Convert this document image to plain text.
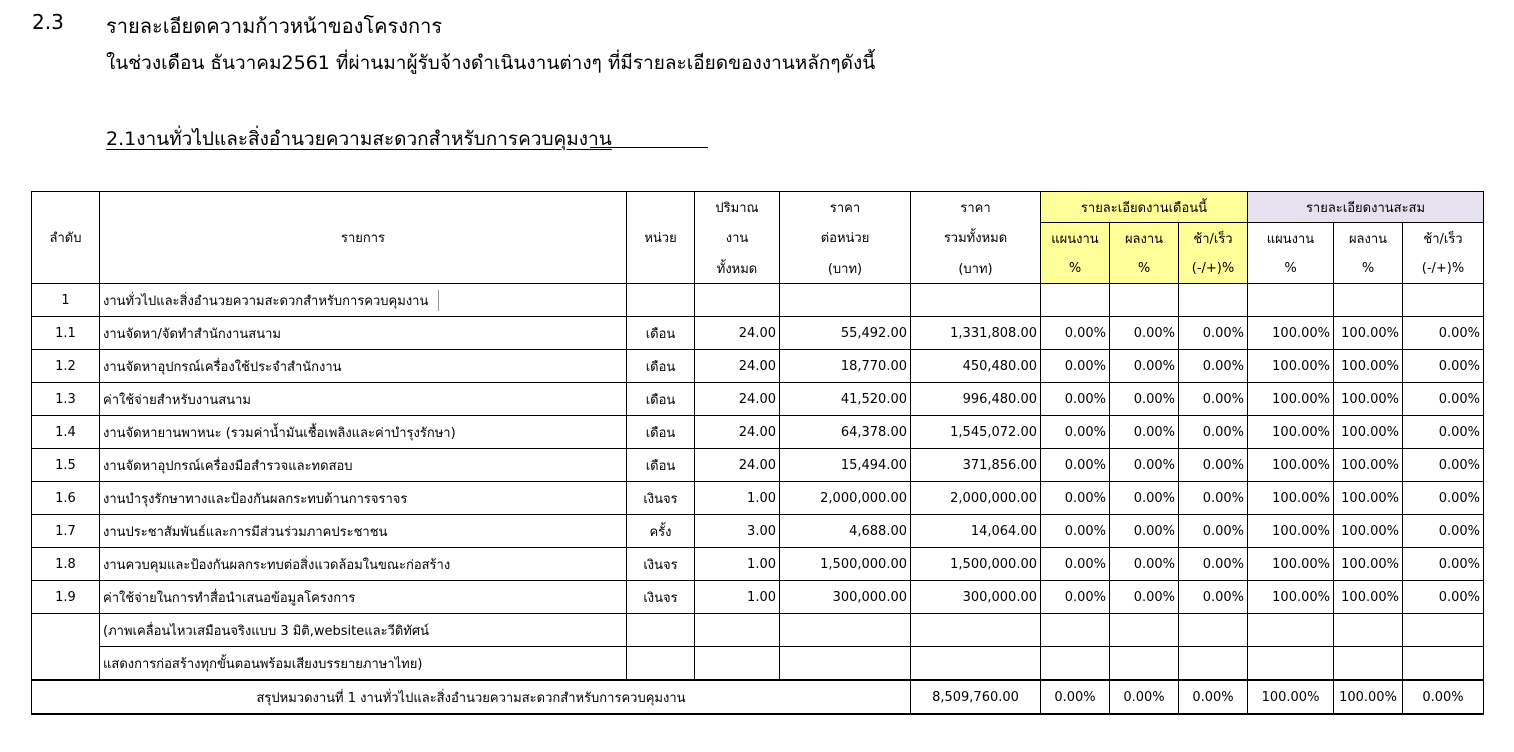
2.3 รายละเอียดความก้าวหน้าของโครงการ
ในช่วงเดือน ธันวาคม2561 ที่ผ่านมาผู้รับจ้างดำเนินงานต่างๆ ที่มีรายละเอียดของงานหลักๆดังนี้
2.1งานทั่วไปและสิ่งอำนวยความสะดวกสำหรับการควบคุมงาน
			ปริมาณ	ราคา	ราคา	รายละเอียดงานเดือนนี้			รายละเอียดงานสะสม		
ลำดับ	รายการ	หน่วย	งาน	ต่อหน่วย	รวมทั้งหมด	แผนงาน	ผลงาน	ช้า/เร็ว	แผนงาน	ผลงาน	ช้า/เร็ว
			ทั้งหมด	(บาท)	(บาท)	%	%	(-/+)%	%	%	(-/+)%
1	งานทั่วไปและสิ่งอำนวยความสะดวกสำหรับการควบคุมงาน										
1.1	งานจัดหา/จัดทำสำนักงานสนาม	เดือน	24.00	55,492.00	1,331,808.00	0.00%	0.00%	0.00%	100.00%	100.00%	0.00%
1.2	งานจัดหาอุปกรณ์เครื่องใช้ประจำสำนักงาน	เดือน	24.00	18,770.00	450,480.00	0.00%	0.00%	0.00%	100.00%	100.00%	0.00%
1.3	ค่าใช้จ่ายสำหรับงานสนาม	เดือน	24.00	41,520.00	996,480.00	0.00%	0.00%	0.00%	100.00%	100.00%	0.00%
1.4	งานจัดหายานพาหนะ (รวมค่าน้ำมันเชื้อเพลิงและค่าบำรุงรักษา)	เดือน	24.00	64,378.00	1,545,072.00	0.00%	0.00%	0.00%	100.00%	100.00%	0.00%
1.5	งานจัดหาอุปกรณ์เครื่องมือสำรวจและทดสอบ	เดือน	24.00	15,494.00	371,856.00	0.00%	0.00%	0.00%	100.00%	100.00%	0.00%
1.6	งานบำรุงรักษาทางและป้องกันผลกระทบด้านการจราจร	เงินจร	1.00	2,000,000.00	2,000,000.00	0.00%	0.00%	0.00%	100.00%	100.00%	0.00%
1.7	งานประชาสัมพันธ์และการมีส่วนร่วมภาคประชาชน	ครั้ง	3.00	4,688.00	14,064.00	0.00%	0.00%	0.00%	100.00%	100.00%	0.00%
1.8	งานควบคุมและป้องกันผลกระทบต่อสิ่งแวดล้อมในขณะก่อสร้าง	เงินจร	1.00	1,500,000.00	1,500,000.00	0.00%	0.00%	0.00%	100.00%	100.00%	0.00%
1.9	ค่าใช้จ่ายในการทำสื่อนำเสนอข้อมูลโครงการ	เงินจร	1.00	300,000.00	300,000.00	0.00%	0.00%	0.00%	100.00%	100.00%	0.00%
	(ภาพเคลื่อนไหวเสมือนจริงแบบ 3 มิติ,websiteและวีดิทัศน์										
	แสดงการก่อสร้างทุกขั้นตอนพร้อมเสียงบรรยายภาษาไทย)										
สรุปหมวดงานที่ 1 งานทั่วไปและสิ่งอำนวยความสะดวกสำหรับการควบคุมงาน					8,509,760.00	0.00%	0.00%	0.00%	100.00%	100.00%	0.00%
